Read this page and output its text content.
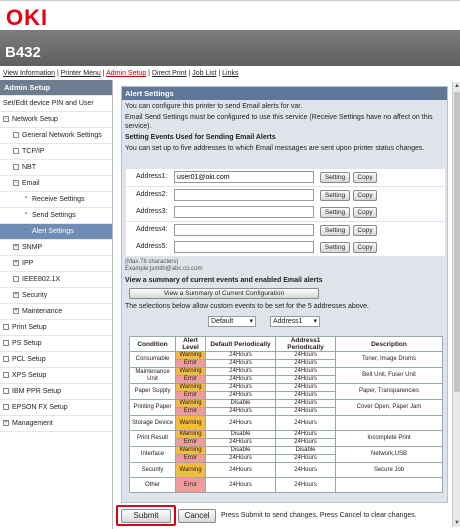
OKI
B432
View Information | Printer Menu | Admin Setup | Direct Print | Job List | Links
Admin Setup
Set/Edit device PIN and User
− Network Setup
General Network Settings
TCP/IP
NBT
− Email
▪ Receive Settings
▪ Send Settings
▪ Alert Settings
+ SNMP
+ IPP
IEEE802.1X
+ Security
+ Maintenance
Print Setup
PS Setup
PCL Setup
XPS Setup
IBM PPR Setup
EPSON FX Setup
+ Management
Alert Settings
You can configure this printer to send Email alerts for var.
Email Send Settings must be configured to use this service (Receive Settings have no affect on this service).
Setting Events Used for Sending Email Alerts
You can set up to five addresses to which Email messages are sent upon printer status changes.
Address1:
user01@oki.com	Setting	Copy
Address2:	Setting	Copy
Address3:	Setting	Copy
Address4:	Setting	Copy
Address5:	Setting	Copy
(Max.78 characters)
Example:jsmith@abc.co.com
View a summary of current events and enabled Email alerts
View a Summary of Current Configuration
The selections below allow custom events to be set for the 5 addresses above.
Default ▾	Address1 ▾
Condition	Alert Level	Default Periodically	Address1 Periodically	Description

Consumable	Warning	24Hours	24Hours	Toner, Image Drums
	Error	24Hours	24Hours	
Maintenance Unit	Warning	24Hours	24Hours	Belt Unit, Fuser Unit
	Error	24Hours	24Hours	
Paper Supply	Warning	24Hours	24Hours	Paper, Transparencies
	Error	24Hours	24Hours	
Printing Paper	Warning	Disable	24Hours	Cover Open, Paper Jam
	Error	24Hours	24Hours	
Storage Device	Warning	24Hours	24Hours	
Print Result	Warning	Disable	24Hours	Incomplete Print
	Error	24Hours	24Hours	
Interface	Warning	Disable	Disable	Network,USB
	Error	24Hours	24Hours	
Security	Warning	24Hours	24Hours	Secure Job
Other	Error	24Hours	24Hours	
Submit	Cancel	Press Submit to send changes. Press Cancel to clear changes.
▲
▼
